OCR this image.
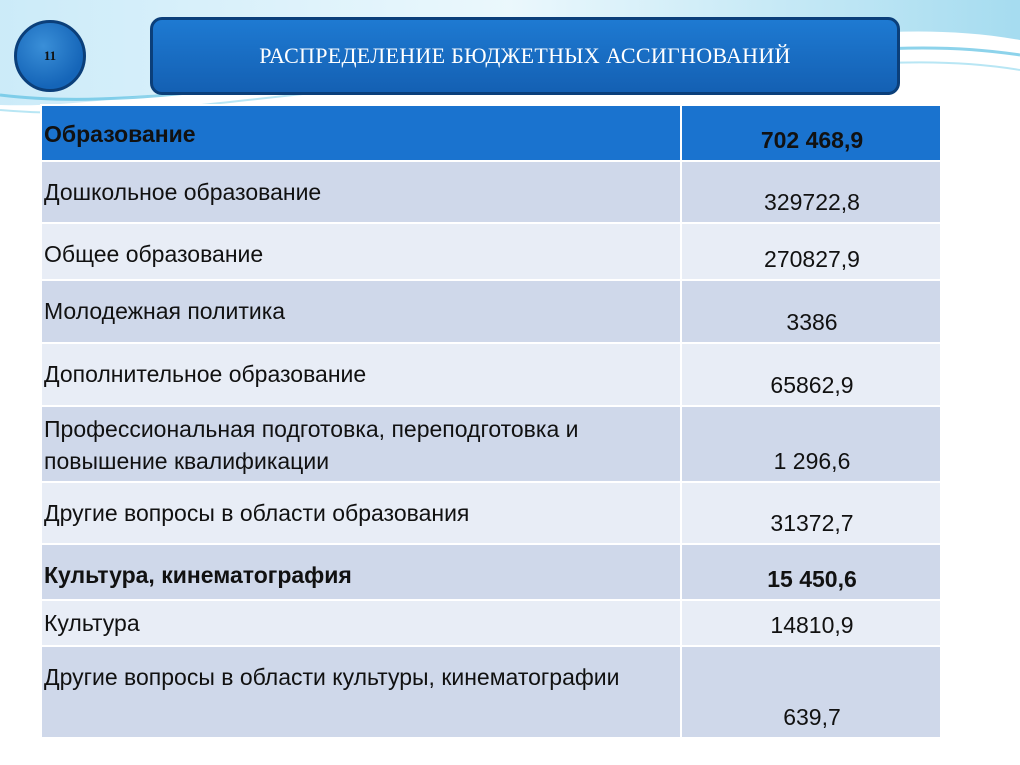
11	РАСПРЕДЕЛЕНИЕ БЮДЖЕТНЫХ АССИГНОВАНИЙ
Образование	702 468,9
Дошкольное образование	329722,8
Общее образование	270827,9
Молодежная политика	3386
Дополнительное образование	65862,9
Профессиональная подготовка, переподготовка и повышение квалификации	1 296,6
Другие вопросы в области образования	31372,7
Культура, кинематография	15 450,6
Культура	14810,9
Другие вопросы в области культуры, кинематографии	639,7
